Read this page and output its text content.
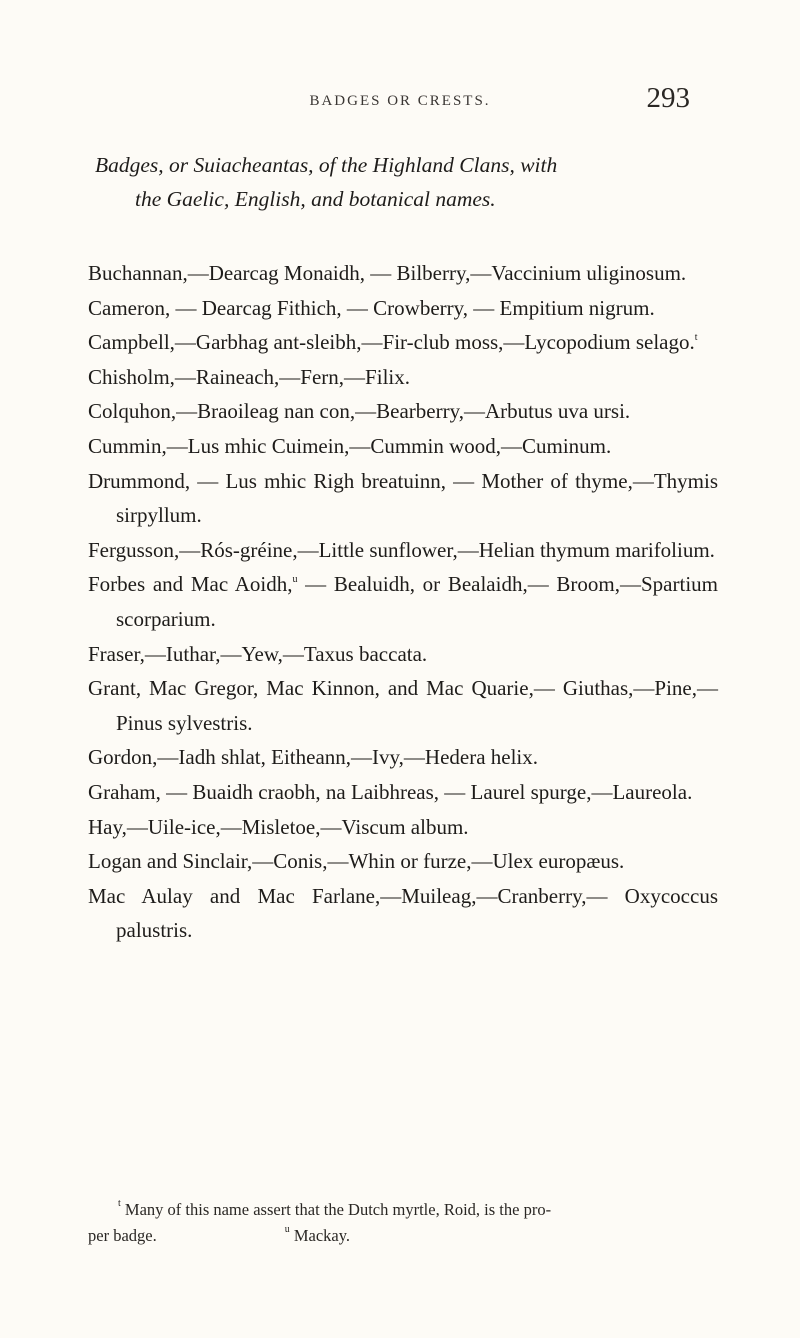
BADGES OR CRESTS.	293
Badges, or Suiacheantas, of the Highland Clans, with
the Gaelic, English, and botanical names.

Buchannan,—Dearcag Monaidh, — Bilberry,—Vaccinium uliginosum.

Cameron, — Dearcag Fithich, — Crowberry, — Empitium nigrum.

Campbell,—Garbhag ant-sleibh,—Fir-club moss,—Lycopodium selago.$^t$

Chisholm,—Raineach,—Fern,—Filix.

Colquhon,—Braoileag nan con,—Bearberry,—Arbutus uva ursi.

Cummin,—Lus mhic Cuimein,—Cummin wood,—Cuminum.

Drummond, — Lus mhic Righ breatuinn, — Mother of thyme,—Thymis sirpyllum.

Fergusson,—Rós-gréine,—Little sunflower,—Helian thymum marifolium.

Forbes and Mac Aoidh,$^u$ — Bealuidh, or Bealaidh,— Broom,—Spartium scorparium.

Fraser,—Iuthar,—Yew,—Taxus baccata.

Grant, Mac Gregor, Mac Kinnon, and Mac Quarie,— Giuthas,—Pine,—Pinus sylvestris.

Gordon,—Iadh shlat, Eitheann,—Ivy,—Hedera helix.

Graham, — Buaidh craobh, na Laibhreas, — Laurel spurge,—Laureola.

Hay,—Uile-ice,—Misletoe,—Viscum album.

Logan and Sinclair,—Conis,—Whin or furze,—Ulex europæus.

Mac Aulay and Mac Farlane,—Muileag,—Cranberry,— Oxycoccus palustris.

$^t$ Many of this name assert that the Dutch myrtle, Roid, is the pro-
per badge.	$^u$ Mackay.
